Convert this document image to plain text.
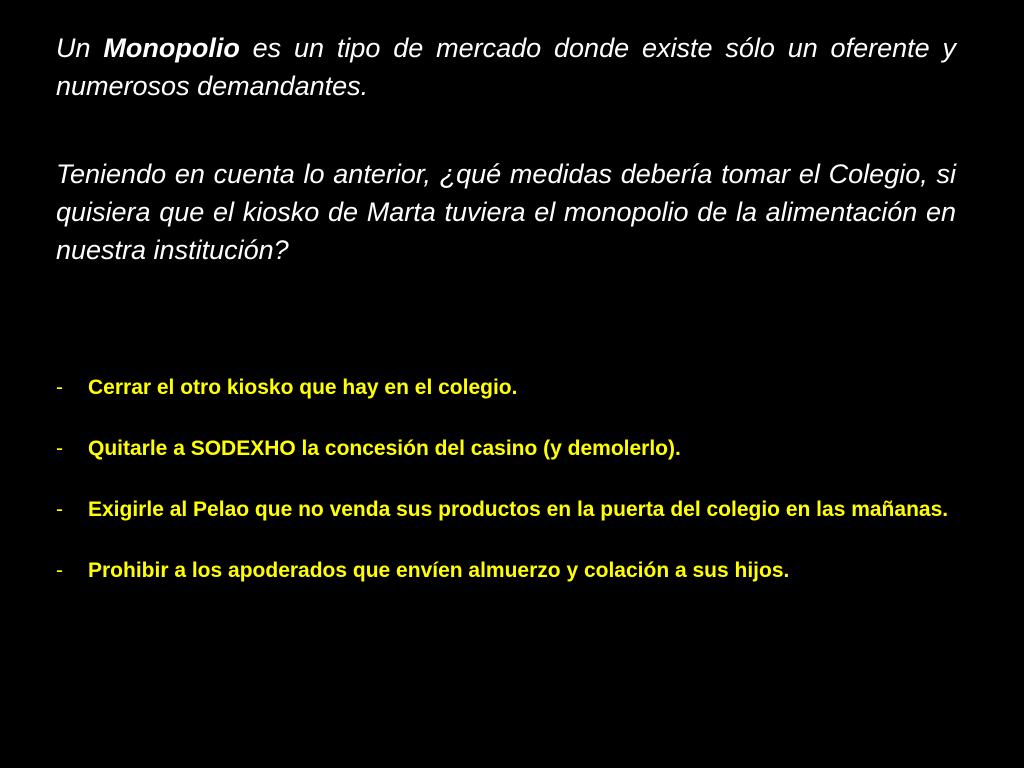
Un Monopolio es un tipo de mercado donde existe sólo un oferente y numerosos demandantes.

Teniendo en cuenta lo anterior, ¿qué medidas debería tomar el Colegio, si quisiera que el kiosko de Marta tuviera el monopolio de la alimentación en nuestra institución?

-	Cerrar el otro kiosko que hay en el colegio.
-	Quitarle a SODEXHO la concesión del casino (y demolerlo).
-	Exigirle al Pelao que no venda sus productos en la puerta del colegio en las mañanas.
-	Prohibir a los apoderados que envíen almuerzo y colación a sus hijos.
